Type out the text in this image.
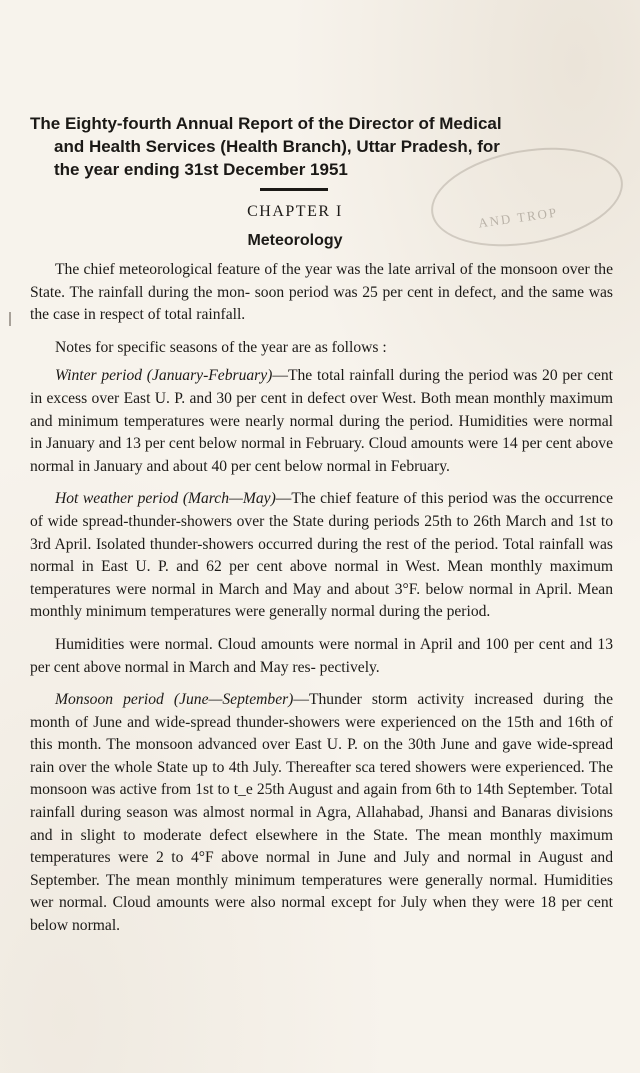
AND TROP
The Eighty-fourth Annual Report of the Director of Medical
and Health Services (Health Branch), Uttar Pradesh, for
the year ending 31st December 1951
CHAPTER I
Meteorology

The chief meteorological feature of the year was the late arrival of the monsoon over the State. The rainfall during the mon- soon period was 25 per cent in defect, and the same was the case in respect of total rainfall.

Notes for specific seasons of the year are as follows :

Winter period (January-February)—The total rainfall during the period was 20 per cent in excess over East U. P. and 30 per cent in defect over West. Both mean monthly maximum and minimum temperatures were nearly normal during the period. Humidities were normal in January and 13 per cent below normal in February. Cloud amounts were 14 per cent above normal in January and about 40 per cent below normal in February.

Hot weather period (March—May)—The chief feature of this period was the occurrence of wide spread-thunder-showers over the State during periods 25th to 26th March and 1st to 3rd April. Isolated thunder-showers occurred during the rest of the period. Total rainfall was normal in East U. P. and 62 per cent above normal in West. Mean monthly maximum temperatures were normal in March and May and about 3°F. below normal in April. Mean monthly minimum temperatures were generally normal during the period.

Humidities were normal. Cloud amounts were normal in April and 100 per cent and 13 per cent above normal in March and May res- pectively.

Monsoon period (June—September)—Thunder storm activity increased during the month of June and wide-spread thunder-showers were experienced on the 15th and 16th of this month. The monsoon advanced over East U. P. on the 30th June and gave wide-spread rain over the whole State up to 4th July. Thereafter sca tered showers were experienced. The monsoon was active from 1st to t_e 25th August and again from 6th to 14th September. Total rainfall during season was almost normal in Agra, Allahabad, Jhansi and Banaras divisions and in slight to moderate defect elsewhere in the State. The mean monthly maximum temperatures were 2 to 4°F above normal in June and July and normal in August and September. The mean monthly minimum temperatures were generally normal. Humidities wer normal. Cloud amounts were also normal except for July when they were 18 per cent below normal.
